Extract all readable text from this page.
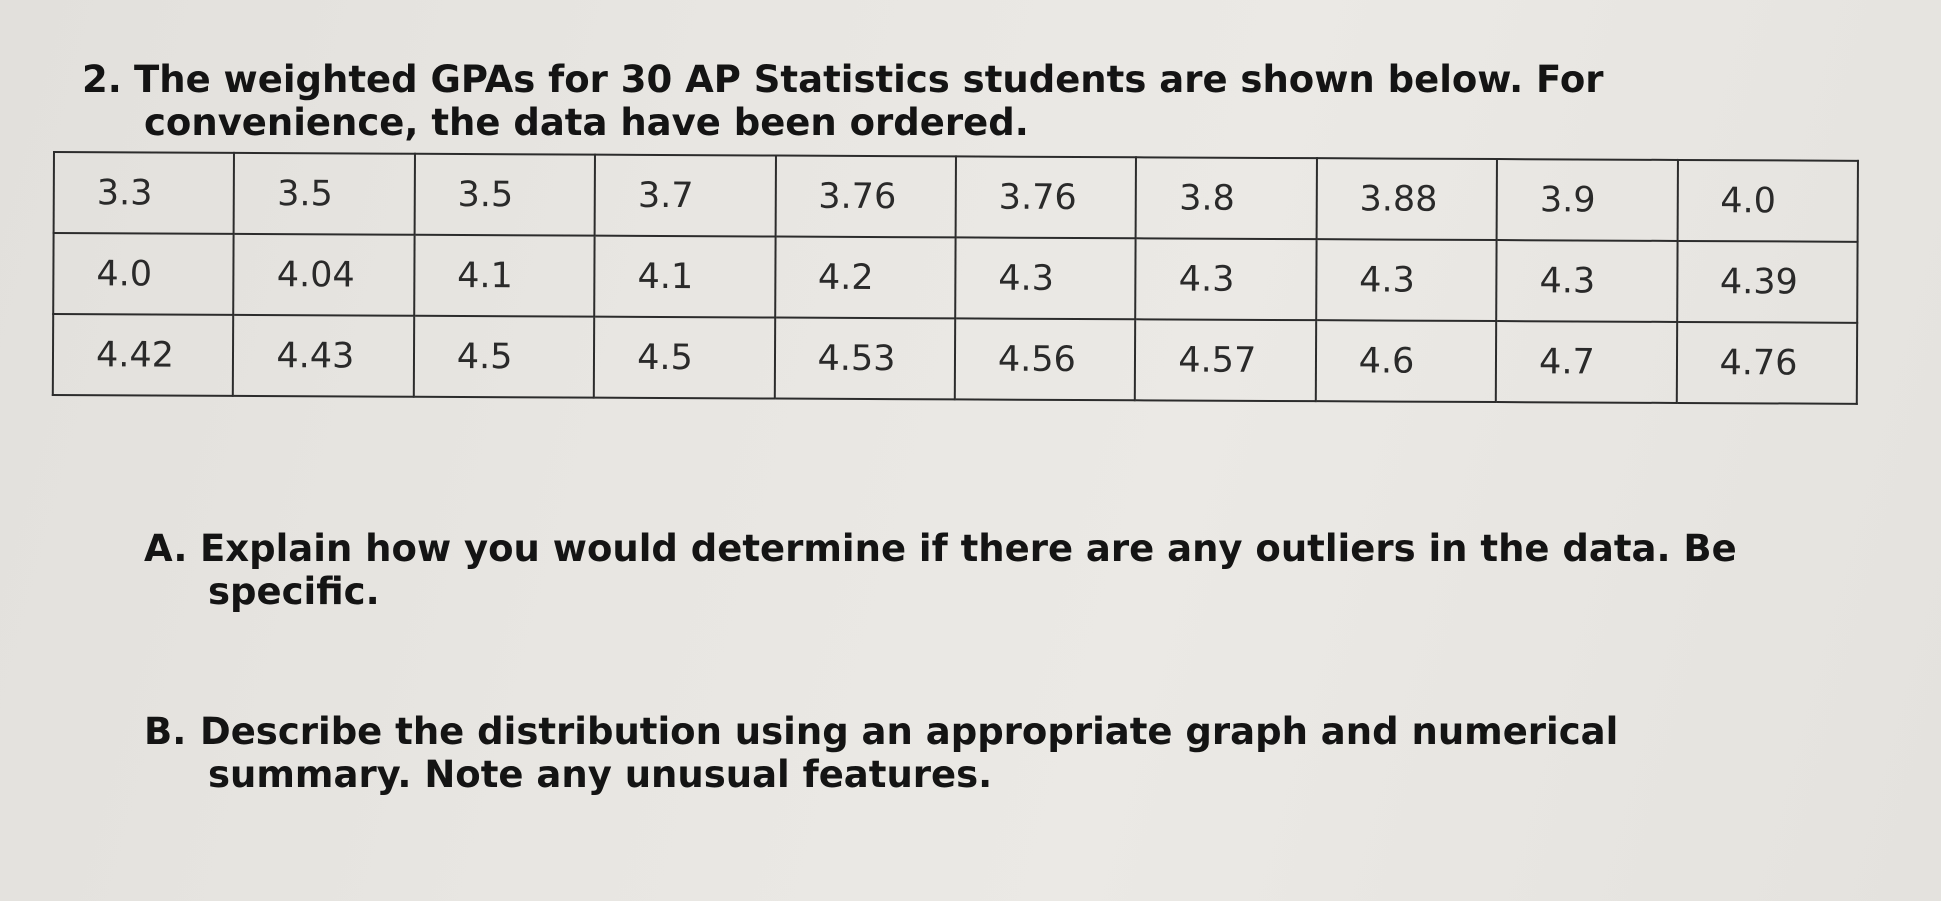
2. The weighted GPAs for 30 AP Statistics students are shown below. For
convenience, the data have been ordered.
3.3	3.5	3.5	3.7	3.76	3.76	3.8	3.88	3.9	4.0
4.0	4.04	4.1	4.1	4.2	4.3	4.3	4.3	4.3	4.39
4.42	4.43	4.5	4.5	4.53	4.56	4.57	4.6	4.7	4.76
A. Explain how you would determine if there are any outliers in the data. Be
specific.
B. Describe the distribution using an appropriate graph and numerical
summary. Note any unusual features.
